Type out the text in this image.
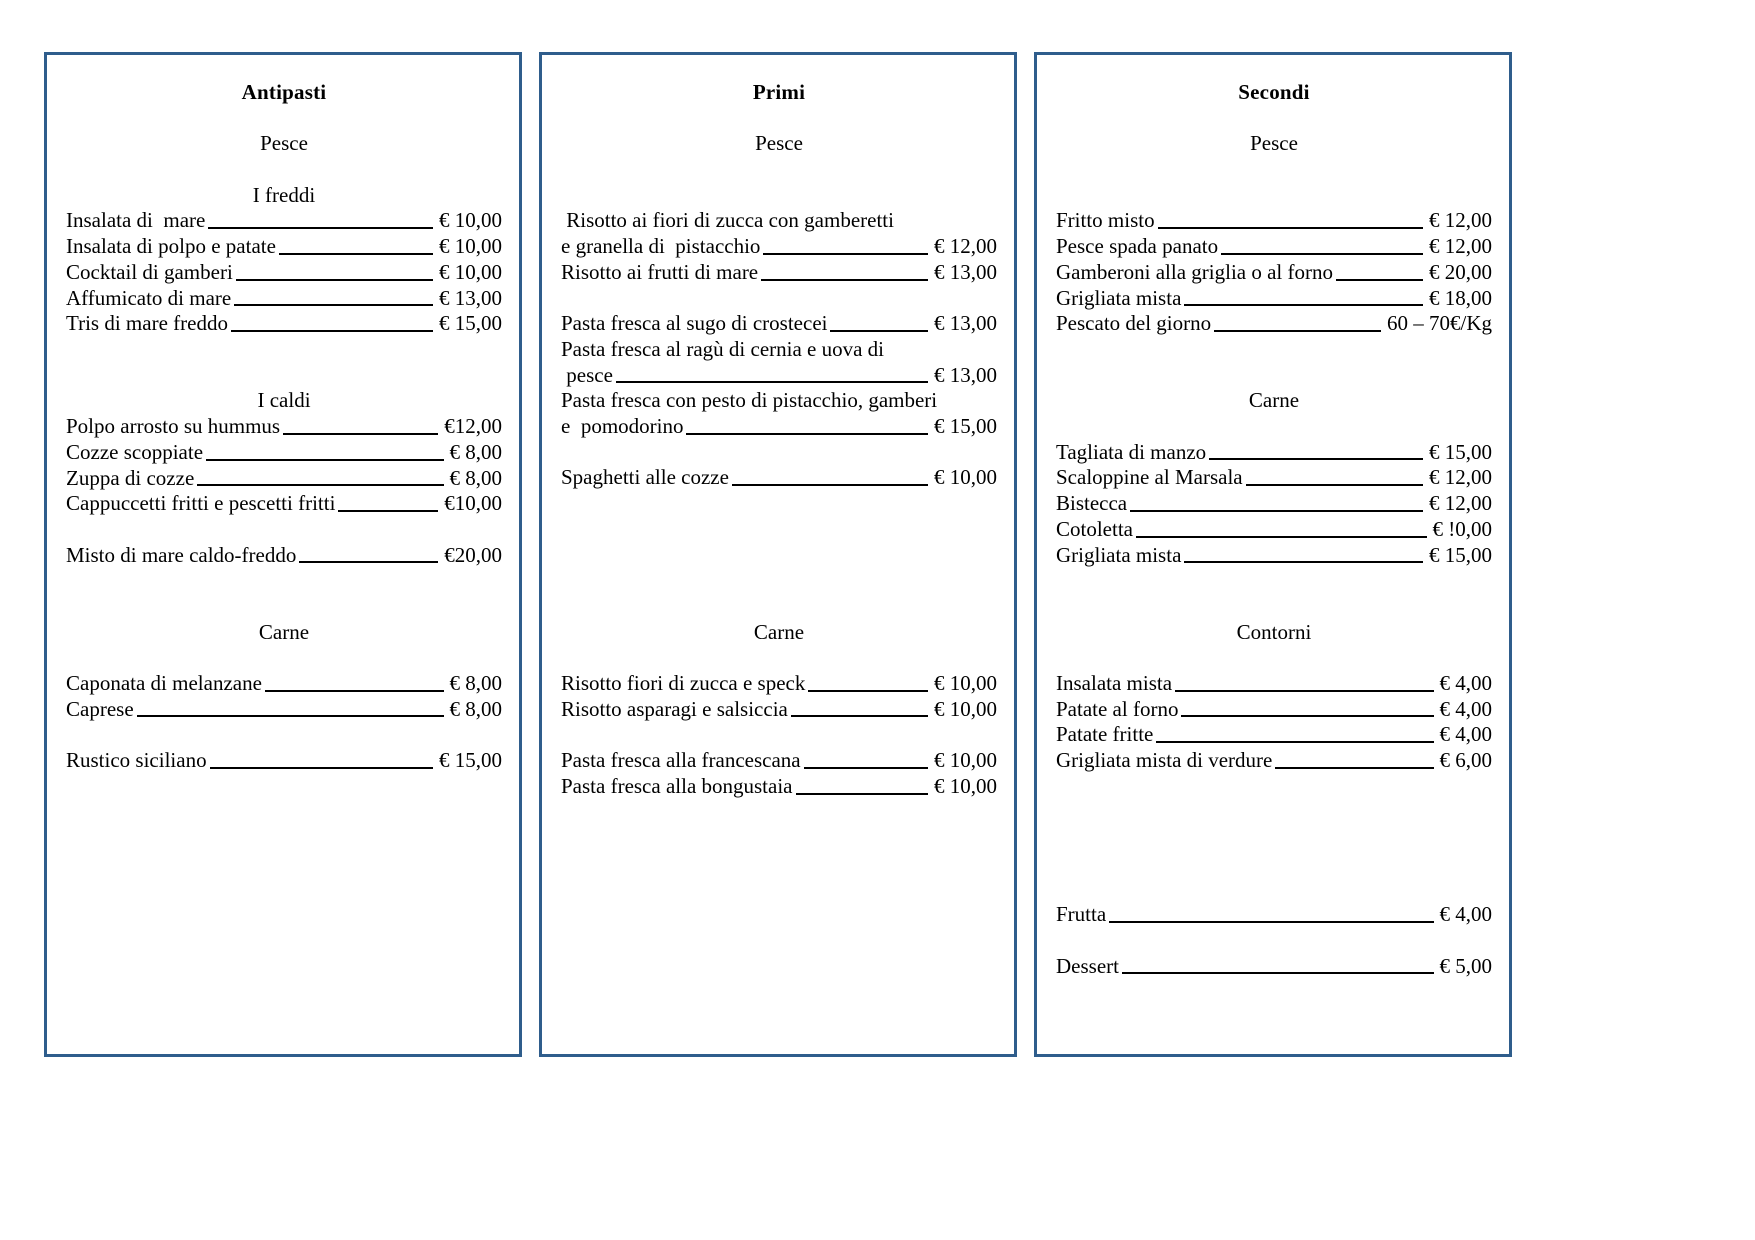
Antipasti
Pesce
I freddi
Insalata di  mare	€ 10,00
Insalata di polpo e patate	€ 10,00
Cocktail di gamberi	€ 10,00
Affumicato di mare	€ 13,00
Tris di mare freddo	€ 15,00
I caldi
Polpo arrosto su hummus	€12,00
Cozze scoppiate	€ 8,00
Zuppa di cozze	€ 8,00
Cappuccetti fritti e pescetti fritti	€10,00
Misto di mare caldo-freddo	€20,00
Carne
Caponata di melanzane	€ 8,00
Caprese	€ 8,00
Rustico siciliano	€ 15,00
Primi
Pesce
Risotto ai fiori di zucca con gamberetti
e granella di  pistacchio	€ 12,00
Risotto ai frutti di mare	€ 13,00
Pasta fresca al sugo di crostecei	€ 13,00
Pasta fresca al ragù di cernia e uova di
pesce	€ 13,00
Pasta fresca con pesto di pistacchio, gamberi
e  pomodorino	€ 15,00
Spaghetti alle cozze	€ 10,00
Carne
Risotto fiori di zucca e speck	€ 10,00
Risotto asparagi e salsiccia	€ 10,00
Pasta fresca alla francescana	€ 10,00
Pasta fresca alla bongustaia	€ 10,00
Secondi
Pesce
Fritto misto	€ 12,00
Pesce spada panato	€ 12,00
Gamberoni alla griglia o al forno	€ 20,00
Grigliata mista	€ 18,00
Pescato del giorno	60 – 70€/Kg
Carne
Tagliata di manzo	€ 15,00
Scaloppine al Marsala	€ 12,00
Bistecca	€ 12,00
Cotoletta	€ !0,00
Grigliata mista	€ 15,00
Contorni
Insalata mista	€ 4,00
Patate al forno	€ 4,00
Patate fritte	€ 4,00
Grigliata mista di verdure	€ 6,00
Frutta	€ 4,00
Dessert	€ 5,00
